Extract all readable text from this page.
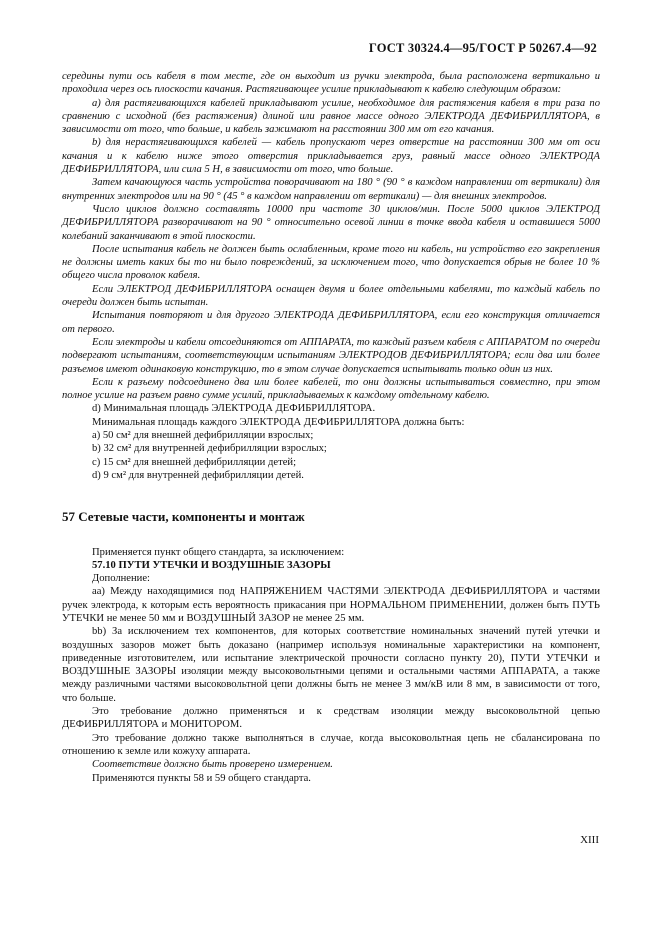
ГОСТ 30324.4—95/ГОСТ Р 50267.4—92

середины пути ось кабеля в том месте, где он выходит из ручки электрода, была расположена вертикально и проходила через ось плоскости качания. Растягивающее усилие прикладывают к кабелю следующим образом:

а) для растягивающихся кабелей прикладывают усилие, необходимое для растяжения кабеля в три раза по сравнению с исходной (без растяжения) длиной или равное массе одного ЭЛЕКТРОДА ДЕФИБРИЛЛЯТОРА, в зависимости от того, что больше, и кабель зажимают на расстоянии 300 мм от его качания.

b) для нерастягивающихся кабелей — кабель пропускают через отверстие на расстоянии 300 мм от оси качания и к кабелю ниже этого отверстия прикладывается груз, равный массе одного ЭЛЕКТРОДА ДЕФИБРИЛЛЯТОРА, или сила 5 Н, в зависимости от того, что больше.

Затем качающуюся часть устройства поворачивают на 180 ° (90 ° в каждом направлении от вертикали) для внутренних электродов или на 90 ° (45 ° в каждом направлении от вертикали) — для внешних электродов.

Число циклов должно составлять 10000 при частоте 30 циклов/мин. После 5000 циклов ЭЛЕКТРОД ДЕФИБРИЛЛЯТОРА разворачивают на 90 ° относительно осевой линии в точке ввода кабеля и оставшиеся 5000 колебаний заканчивают в этой плоскости.

После испытания кабель не должен быть ослабленным, кроме того ни кабель, ни устройство его закрепления не должны иметь каких бы то ни было повреждений, за исключением того, что допускается обрыв не более 10 % общего числа проволок кабеля.

Если ЭЛЕКТРОД ДЕФИБРИЛЛЯТОРА оснащен двумя и более отдельными кабелями, то каждый кабель по очереди должен быть испытан.

Испытания повторяют и для другого ЭЛЕКТРОДА ДЕФИБРИЛЛЯТОРА, если его конструкция отличается от первого.

Если электроды и кабели отсоединяются от АППАРАТА, то каждый разъем кабеля с АППАРАТОМ по очереди подвергают испытаниям, соответствующим испытаниям ЭЛЕКТРОДОВ ДЕФИБРИЛЛЯТОРА; если два или более разъемов имеют одинаковую конструкцию, то в этом случае допускается испытывать только один из них.

Если к разъему подсоединено два или более кабелей, то они должны испытываться совместно, при этом полное усилие на разъем равно сумме усилий, прикладываемых к каждому отдельному кабелю.

d) Минимальная площадь ЭЛЕКТРОДА ДЕФИБРИЛЛЯТОРА.

Минимальная площадь каждого ЭЛЕКТРОДА ДЕФИБРИЛЛЯТОРА должна быть:

a) 50 см² для внешней дефибрилляции взрослых;

b) 32 см² для внутренней дефибрилляции взрослых;

c) 15 см² для внешней дефибрилляции детей;

d) 9 см² для внутренней дефибрилляции детей.

57 Сетевые части, компоненты и монтаж

Применяется пункт общего стандарта, за исключением:

57.10 ПУТИ УТЕЧКИ И ВОЗДУШНЫЕ ЗАЗОРЫ

Дополнение:

аа) Между находящимися под НАПРЯЖЕНИЕМ ЧАСТЯМИ ЭЛЕКТРОДА ДЕФИБРИЛЛЯТОРА и частями ручек электрода, к которым есть вероятность прикасания при НОРМАЛЬНОМ ПРИМЕНЕНИИ, должен быть ПУТЬ УТЕЧКИ не менее 50 мм и ВОЗДУШНЫЙ ЗАЗОР не менее 25 мм.

bb) За исключением тех компонентов, для которых соответствие номинальных значений путей утечки и воздушных зазоров может быть доказано (например используя номинальные характеристики на компонент, приведенные изготовителем, или испытание электрической прочности согласно пункту 20), ПУТИ УТЕЧКИ и ВОЗДУШНЫЕ ЗАЗОРЫ изоляции между высоковольтными цепями и остальными частями АППАРАТА, а также между различными частями высоковольтной цепи должны быть не менее 3 мм/кВ или 8 мм, в зависимости от того, что больше.

Это требование должно применяться и к средствам изоляции между высоковольтной цепью ДЕФИБРИЛЛЯТОРА и МОНИТОРОМ.

Это требование должно также выполняться в случае, когда высоковольтная цепь не сбалансирована по отношению к земле или кожуху аппарата.

Соответствие должно быть проверено измерением.

Применяются пункты 58 и 59 общего стандарта.

XIII
